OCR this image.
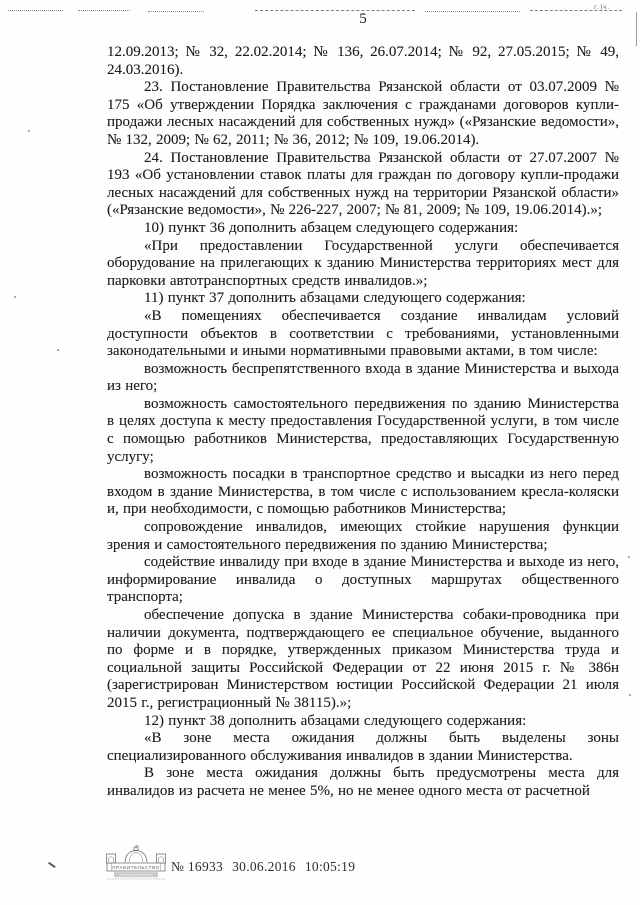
г.)ч.
5

12.09.2013; № 32, 22.02.2014; № 136, 26.07.2014; № 92, 27.05.2015; № 49, 24.03.2016).

23. Постановление Правительства Рязанской области от 03.07.2009 № 175 «Об утверждении Порядка заключения с гражданами договоров купли-продажи лесных насаждений для собственных нужд» («Рязанские ведомости», № 132, 2009; № 62, 2011; № 36, 2012; № 109, 19.06.2014).

24. Постановление Правительства Рязанской области от 27.07.2007 № 193 «Об установлении ставок платы для граждан по договору купли-продажи лесных насаждений для собственных нужд на территории Рязанской области» («Рязанские ведомости», № 226-227, 2007; № 81, 2009; № 109, 19.06.2014).»;

10) пункт 36 дополнить абзацем следующего содержания:

«При предоставлении Государственной услуги обеспечивается оборудование на прилегающих к зданию Министерства территориях мест для парковки автотранспортных средств инвалидов.»;

11) пункт 37 дополнить абзацами следующего содержания:

«В помещениях обеспечивается создание инвалидам условий доступности объектов в соответствии с требованиями, установленными законодательными и иными нормативными правовыми актами, в том числе:

возможность беспрепятственного входа в здание Министерства и выхода из него;

возможность самостоятельного передвижения по зданию Министерства в целях доступа к месту предоставления Государственной услуги, в том числе с помощью работников Министерства, предоставляющих Государственную услугу;

возможность посадки в транспортное средство и высадки из него перед входом в здание Министерства, в том числе с использованием кресла-коляски и, при необходимости, с помощью работников Министерства;

сопровождение инвалидов, имеющих стойкие нарушения функции зрения и самостоятельного передвижения по зданию Министерства;

содействие инвалиду при входе в здание Министерства и выходе из него, информирование инвалида о доступных маршрутах общественного транспорта;

обеспечение допуска в здание Министерства собаки-проводника при наличии документа, подтверждающего ее специальное обучение, выданного по форме и в порядке, утвержденных приказом Министерства труда и социальной защиты Российской Федерации от 22 июня 2015 г. № 386н (зарегистрирован Министерством юстиции Российской Федерации 21 июля 2015 г., регистрационный № 38115).»;

12) пункт 38 дополнить абзацами следующего содержания:

«В зоне места ожидания должны быть выделены зоны специализированного обслуживания инвалидов в здании Министерства.

В зоне места ожидания должны быть предусмотрены места для инвалидов из расчета не менее 5%, но не менее одного места от расчетной

ПРАВИТЕЛЬСТВО
РЯЗАНСКОЙ ОБЛАСТИ
№ 16933 30.06.2016 10:05:19
